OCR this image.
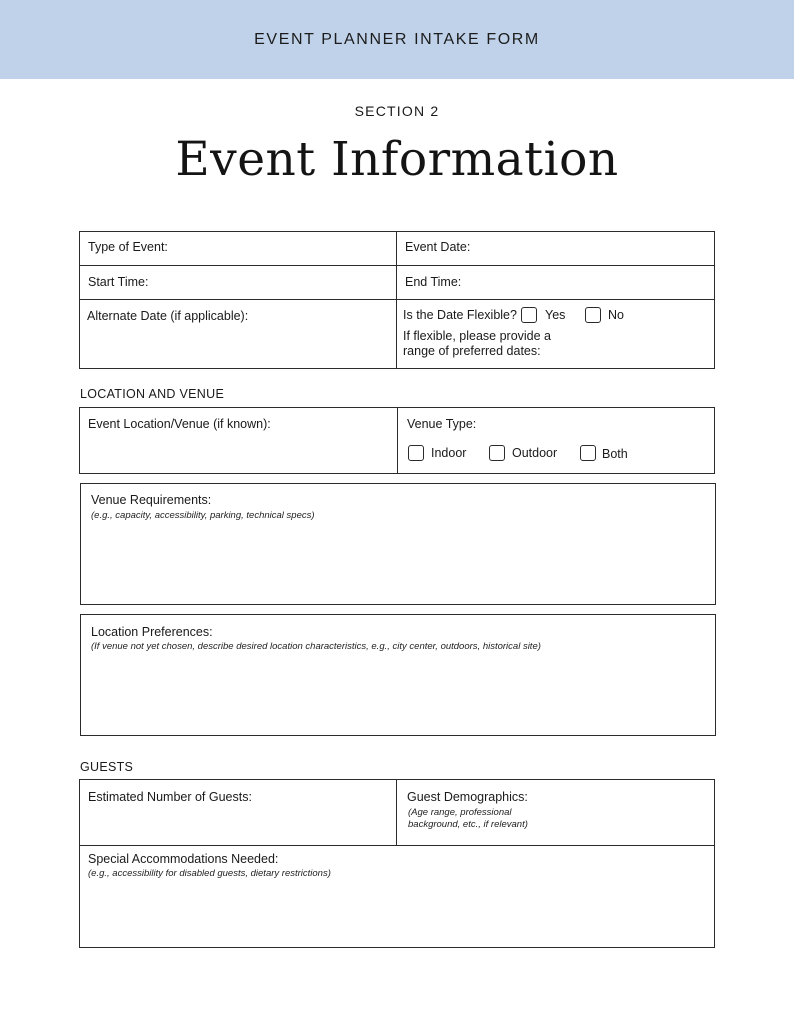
EVENT PLANNER INTAKE FORM
SECTION 2
Event Information
Type of Event:	Event Date:
Start Time:	End Time:
Alternate Date (if applicable):	Is the Date Flexible? Yes	No
If flexible, please provide a range of preferred dates:
LOCATION AND VENUE
Event Location/Venue (if known):	Venue Type:
Indoor	Outdoor	Both
Venue Requirements:
(e.g., capacity, accessibility, parking, technical specs)
Location Preferences:
(If venue not yet chosen, describe desired location characteristics, e.g., city center, outdoors, historical site)
GUESTS
Estimated Number of Guests:	Guest Demographics:
(Age range, professional background, etc., if relevant)
Special Accommodations Needed:
(e.g., accessibility for disabled guests, dietary restrictions)
